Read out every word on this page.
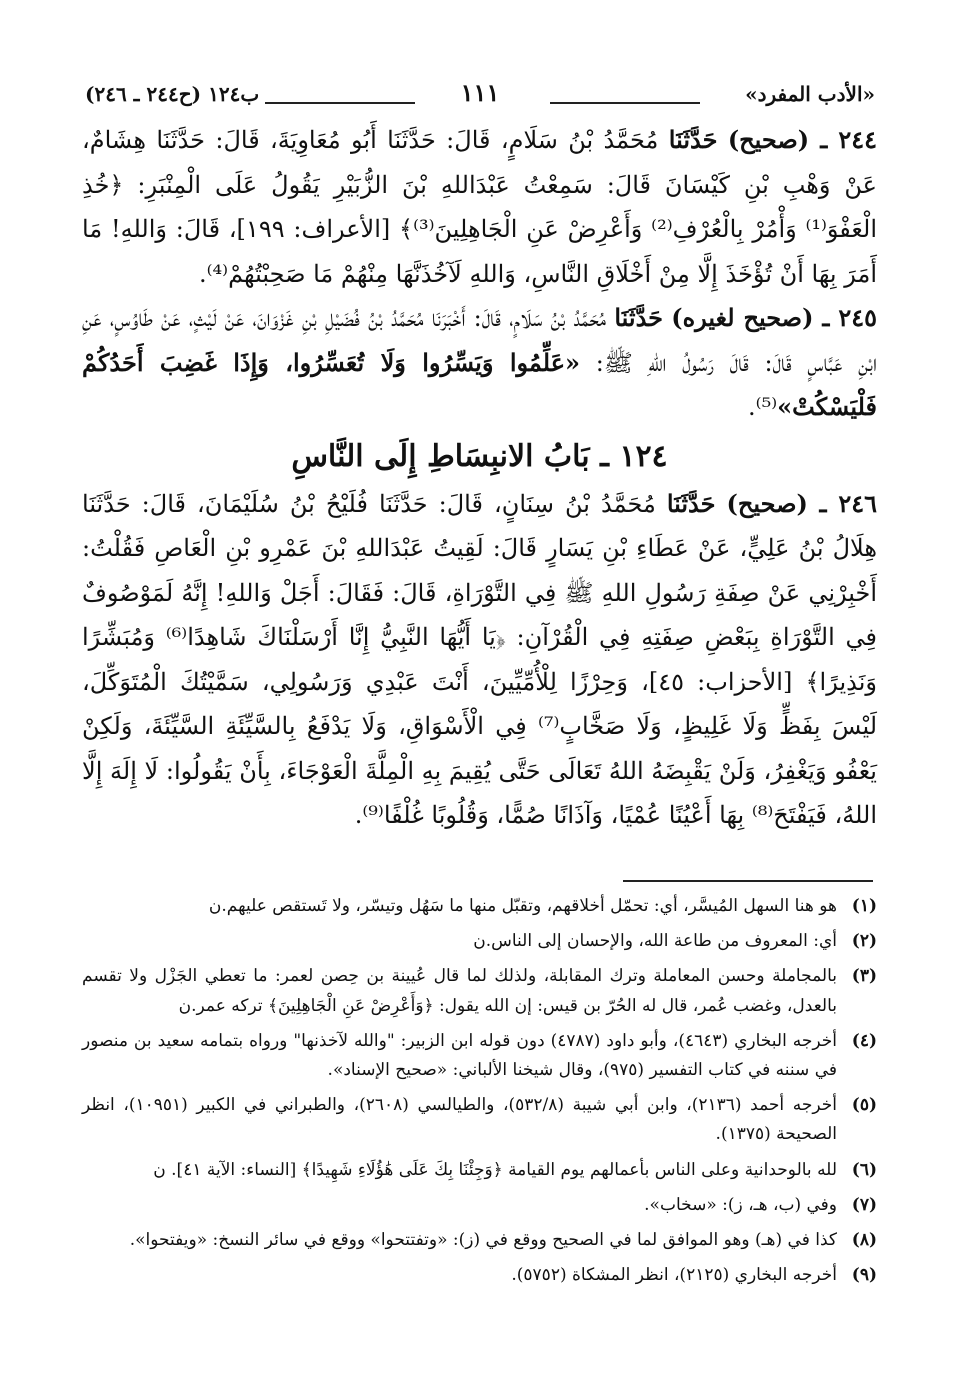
«الأدب المفرد»
١١١
ب١٢٤ (ح٢٤٤ ـ ٢٤٦)

٢٤٤ ـ (صحيح) حَدَّثَنَا مُحَمَّدُ بْنُ سَلَامٍ، قَالَ: حَدَّثَنَا أَبُو مُعَاوِيَةَ، قَالَ: حَدَّثَنَا هِشَامٌ، عَنْ وَهْبِ بْنِ كَيْسَانَ قَالَ: سَمِعْتُ عَبْدَاللهِ بْنَ الزُّبَيْرِ يَقُولُ عَلَى الْمِنْبَرِ: ﴿خُذِ الْعَفْوَ⁽¹⁾ وَأْمُرْ بِالْعُرْفِ⁽²⁾ وَأَعْرِضْ عَنِ الْجَاهِلِينَ⁽³⁾﴾ [الأعراف: ١٩٩]، قَالَ: وَاللهِ! مَا أَمَرَ بِهَا أَنْ تُؤْخَذَ إِلَّا مِنْ أَخْلَاقِ النَّاسِ، وَاللهِ لَآخُذَنَّهَا مِنْهُمْ مَا صَحِبْتُهُمْ⁽⁴⁾.

٢٤٥ ـ (صحيح لغيره) حَدَّثَنَا مُحَمَّدُ بْنُ سَلَامٍ، قَالَ: أَخْبَرَنَا مُحَمَّدُ بْنُ فُضَيْلِ بْنِ غَزْوَانَ، عَنْ لَيْثٍ، عَنْ طَاوُسٍ، عَنِ ابْنِ عَبَّاسٍ قَالَ: قَالَ رَسُولُ اللهِ ﷺ: «عَلِّمُوا وَيَسِّرُوا وَلَا تُعَسِّرُوا، وَإِذَا غَضِبَ أَحَدُكُمْ فَلْيَسْكُتْ»⁽⁵⁾.

١٢٤ ـ بَابُ الانبِسَاطِ إِلَى النَّاسِ

٢٤٦ ـ (صحيح) حَدَّثَنَا مُحَمَّدُ بْنُ سِنَانٍ، قَالَ: حَدَّثَنَا فُلَيْحُ بْنُ سُلَيْمَانَ، قَالَ: حَدَّثَنَا هِلَالُ بْنُ عَلِيٍّ، عَنْ عَطَاءِ بْنِ يَسَارٍ قَالَ: لَقِيتُ عَبْدَاللهِ بْنَ عَمْرِو بْنِ الْعَاصِ فَقُلْتُ: أَخْبِرْنِي عَنْ صِفَةِ رَسُولِ اللهِ ﷺ فِي التَّوْرَاةِ، قَالَ: فَقَالَ: أَجَلْ وَاللهِ! إِنَّهُ لَمَوْصُوفٌ فِي التَّوْرَاةِ بِبَعْضِ صِفَتِهِ فِي الْقُرْآنِ: ﴿يَا أَيُّهَا النَّبِيُّ إِنَّا أَرْسَلْنَاكَ شَاهِدًا⁽⁶⁾ وَمُبَشِّرًا وَنَذِيرًا﴾ [الأحزاب: ٤٥]، وَحِرْزًا لِلْأُمِّيِّينَ، أَنْتَ عَبْدِي وَرَسُولِي، سَمَّيْتُكَ الْمُتَوَكِّلَ، لَيْسَ بِفَظٍّ وَلَا غَلِيظٍ، وَلَا صَخَّابٍ⁽⁷⁾ فِي الْأَسْوَاقِ، وَلَا يَدْفَعُ بِالسَّيِّئَةِ السَّيِّئَةَ، وَلَكِنْ يَعْفُو وَيَغْفِرُ، وَلَنْ يَقْبِضَهُ اللهُ تَعَالَى حَتَّى يُقِيمَ بِهِ الْمِلَّةَ الْعَوْجَاءَ، بِأَنْ يَقُولُوا: لَا إِلَهَ إِلَّا اللهُ، فَيَفْتَحَ⁽⁸⁾ بِهَا أَعْيُنًا عُمْيًا، وَآذَانًا صُمًّا، وَقُلُوبًا غُلْفًا⁽⁹⁾.

(١)
هو هنا السهل المُيسَّر، أي: تحمّل أخلاقهم، وتقبّل منها ما سَهُل وتيسّر، ولا تَستقص عليهم.ن
(٢)
أي: المعروف من طاعة الله، والإحسان إلى الناس.ن
(٣)
بالمجاملة وحسن المعاملة وترك المقابلة، ولذلك لما قال عُيينة بن حِصن لعمر: ما تعطي الجَزْل ولا تقسم بالعدل، وغضب عُمر، قال له الحُرّ بن قيس: إن الله يقول: ﴿وَأَعْرِضْ عَنِ الْجَاهِلِينَ﴾ تركه عمر.ن
(٤)
أخرجه البخاري (٤٦٤٣)، وأبو داود (٤٧٨٧) دون قوله ابن الزبير: "والله لآخذنها" ورواه بتمامه سعيد بن منصور في سننه في كتاب التفسير (٩٧٥)، وقال شيخنا الألباني: «صحيح الإسناد».
(٥)
أخرجه أحمد (٢١٣٦)، وابن أبي شيبة (٥٣٢/٨)، والطيالسي (٢٦٠٨)، والطبراني في الكبير (١٠٩٥١)، انظر الصحيحة (١٣٧٥).
(٦)
لله بالوحدانية وعلى الناس بأعمالهم يوم القيامة ﴿وَجِئْنَا بِكَ عَلَى هَٰؤُلَاءِ شَهِيدًا﴾ [النساء: الآية ٤١]. ن
(٧)
وفي (ب، هـ، ز): «سخاب».
(٨)
كذا في (هـ) وهو الموافق لما في الصحيح ووقع في (ز): «وتفتتحوا» ووقع في سائر النسخ: «ويفتحوا».
(٩)
أخرجه البخاري (٢١٢٥)، انظر المشكاة (٥٧٥٢).
